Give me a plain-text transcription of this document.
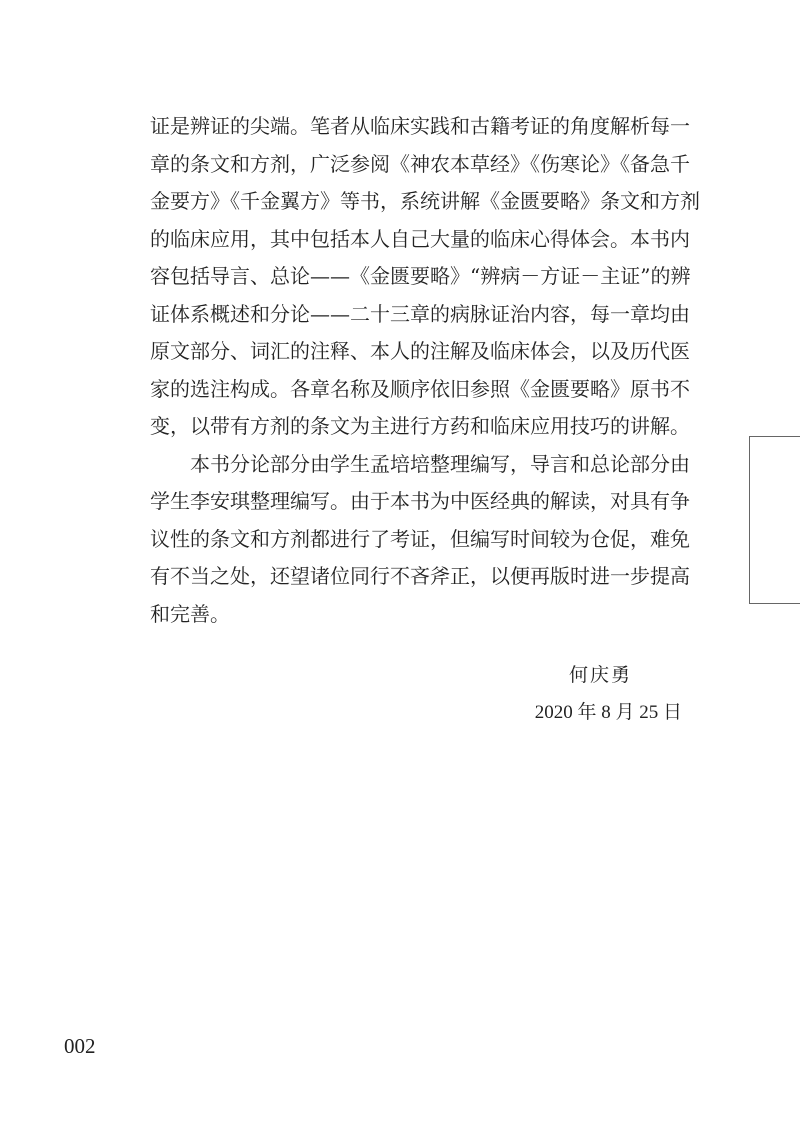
证是辨证的尖端。笔者从临床实践和古籍考证的角度解析每一
章的条文和方剂，广泛参阅《神农本草经》《伤寒论》《备急千
金要方》《千金翼方》等书，系统讲解《金匮要略》条文和方剂
的临床应用，其中包括本人自己大量的临床心得体会。本书内
容包括导言、总论——《金匮要略》“辨病－方证－主证”的辨
证体系概述和分论——二十三章的病脉证治内容，每一章均由
原文部分、词汇的注释、本人的注解及临床体会，以及历代医
家的选注构成。各章名称及顺序依旧参照《金匮要略》原书不
变，以带有方剂的条文为主进行方药和临床应用技巧的讲解。
本书分论部分由学生孟培培整理编写，导言和总论部分由
学生李安琪整理编写。由于本书为中医经典的解读，对具有争
议性的条文和方剂都进行了考证，但编写时间较为仓促，难免
有不当之处，还望诸位同行不吝斧正，以便再版时进一步提高
和完善。
何庆勇
2020 年 8 月 25 日
002
